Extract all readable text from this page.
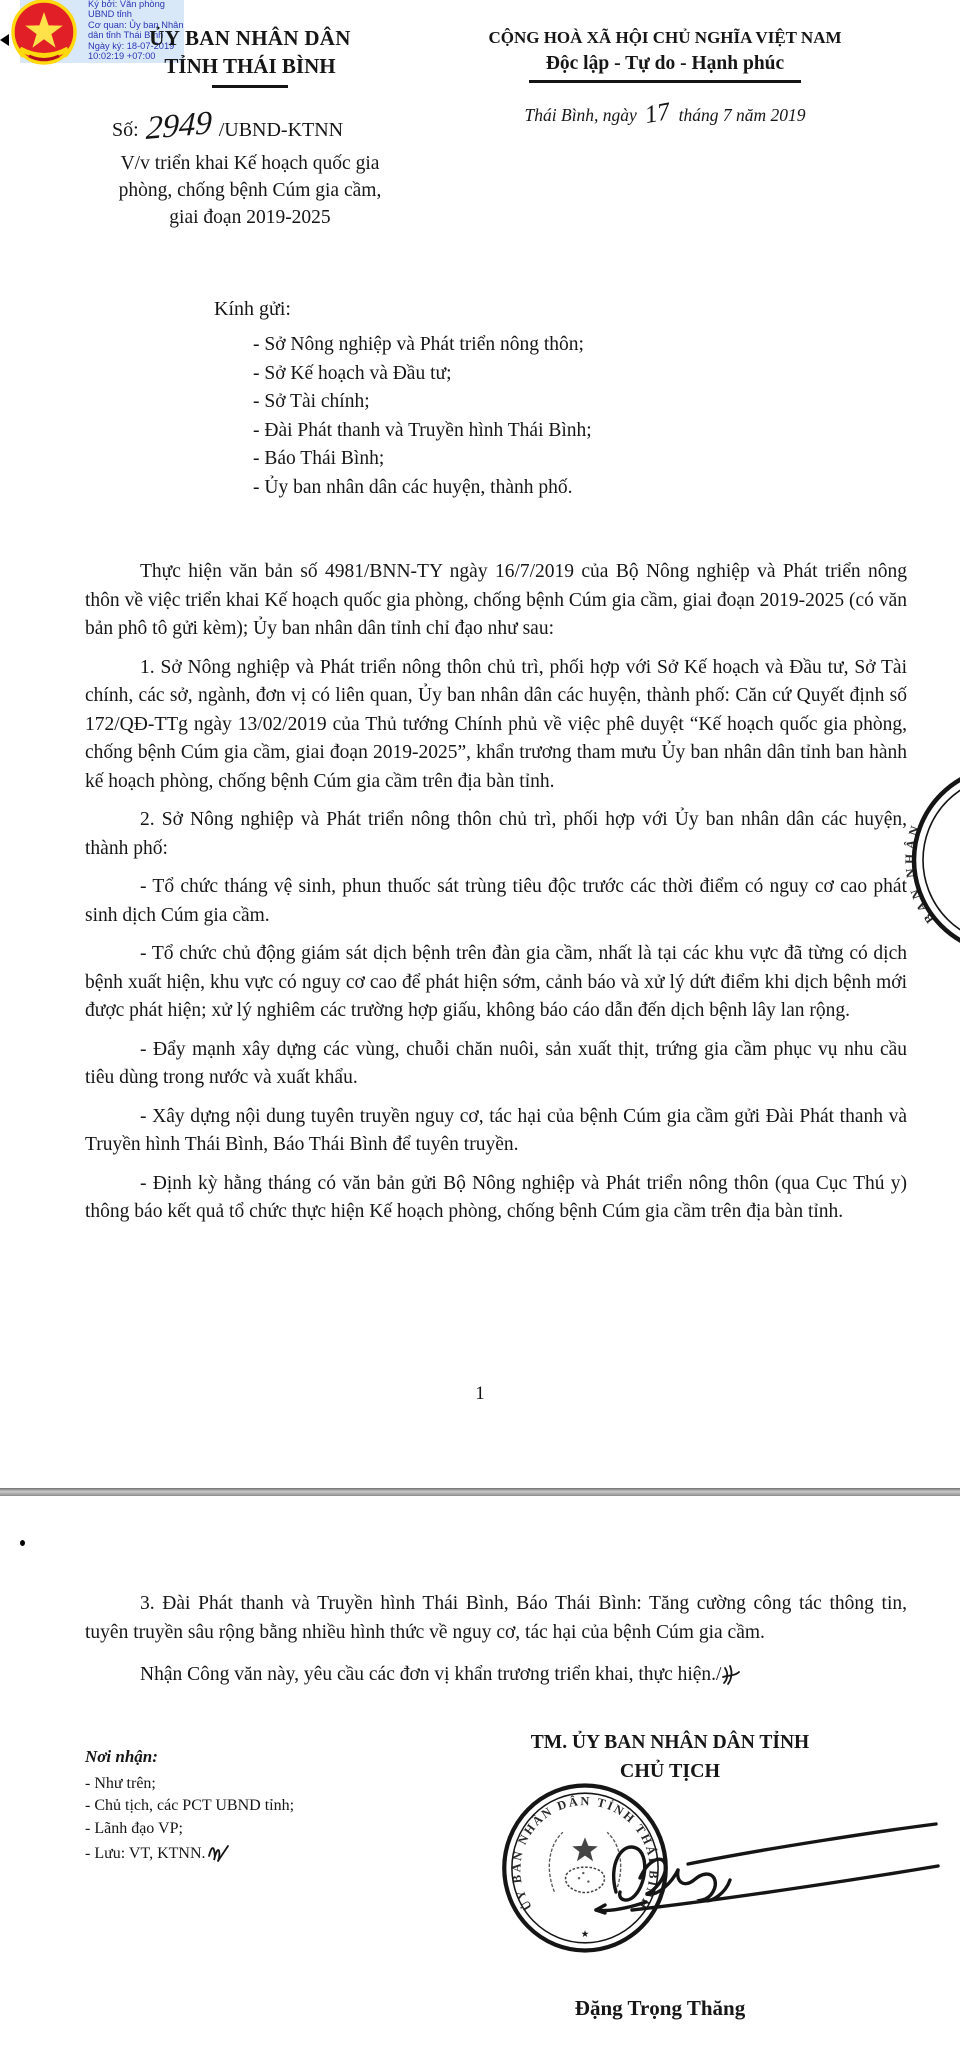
Ký bởi: Văn phòng
UBND tỉnh
Cơ quan: Ủy ban Nhân
dân tỉnh Thái Bình
Ngày ký: 18-07-2019
10:02:19 +07:00
ỦY BAN NHÂN DÂN
TỈNH THÁI BÌNH
Số: 2949 /UBND-KTNN
V/v triển khai Kế hoạch quốc gia
phòng, chống bệnh Cúm gia cầm,
giai đoạn 2019-2025
CỘNG HOÀ XÃ HỘI CHỦ NGHĨA VIỆT NAM
Độc lập - Tự do - Hạnh phúc
Thái Bình, ngày 17 tháng 7 năm 2019
Kính gửi:
- Sở Nông nghiệp và Phát triển nông thôn;
- Sở Kế hoạch và Đầu tư;
- Sở Tài chính;
- Đài Phát thanh và Truyền hình Thái Bình;
- Báo Thái Bình;
- Ủy ban nhân dân các huyện, thành phố.

Thực hiện văn bản số 4981/BNN-TY ngày 16/7/2019 của Bộ Nông nghiệp và Phát triển nông thôn về việc triển khai Kế hoạch quốc gia phòng, chống bệnh Cúm gia cầm, giai đoạn 2019-2025 (có văn bản phô tô gửi kèm); Ủy ban nhân dân tỉnh chỉ đạo như sau:

1. Sở Nông nghiệp và Phát triển nông thôn chủ trì, phối hợp với Sở Kế hoạch và Đầu tư, Sở Tài chính, các sở, ngành, đơn vị có liên quan, Ủy ban nhân dân các huyện, thành phố: Căn cứ Quyết định số 172/QĐ-TTg ngày 13/02/2019 của Thủ tướng Chính phủ về việc phê duyệt “Kế hoạch quốc gia phòng, chống bệnh Cúm gia cầm, giai đoạn 2019-2025”, khẩn trương tham mưu Ủy ban nhân dân tỉnh ban hành kế hoạch phòng, chống bệnh Cúm gia cầm trên địa bàn tỉnh.

2. Sở Nông nghiệp và Phát triển nông thôn chủ trì, phối hợp với Ủy ban nhân dân các huyện, thành phố:

- Tổ chức tháng vệ sinh, phun thuốc sát trùng tiêu độc trước các thời điểm có nguy cơ cao phát sinh dịch Cúm gia cầm.

- Tổ chức chủ động giám sát dịch bệnh trên đàn gia cầm, nhất là tại các khu vực đã từng có dịch bệnh xuất hiện, khu vực có nguy cơ cao để phát hiện sớm, cảnh báo và xử lý dứt điểm khi dịch bệnh mới được phát hiện; xử lý nghiêm các trường hợp giấu, không báo cáo dẫn đến dịch bệnh lây lan rộng.

- Đẩy mạnh xây dựng các vùng, chuỗi chăn nuôi, sản xuất thịt, trứng gia cầm phục vụ nhu cầu tiêu dùng trong nước và xuất khẩu.

- Xây dựng nội dung tuyên truyền nguy cơ, tác hại của bệnh Cúm gia cầm gửi Đài Phát thanh và Truyền hình Thái Bình, Báo Thái Bình để tuyên truyền.

- Định kỳ hằng tháng có văn bản gửi Bộ Nông nghiệp và Phát triển nông thôn (qua Cục Thú y) thông báo kết quả tổ chức thực hiện Kế hoạch phòng, chống bệnh Cúm gia cầm trên địa bàn tỉnh.

1
BAN NHÂN

3. Đài Phát thanh và Truyền hình Thái Bình, Báo Thái Bình: Tăng cường công tác thông tin, tuyên truyền sâu rộng bằng nhiều hình thức về nguy cơ, tác hại của bệnh Cúm gia cầm.

Nhận Công văn này, yêu cầu các đơn vị khẩn trương triển khai, thực hiện./

TM. ỦY BAN NHÂN DÂN TỈNH
CHỦ TỊCH
Nơi nhận:
- Như trên;
- Chủ tịch, các PCT UBND tỉnh;
- Lãnh đạo VP;
- Lưu: VT, KTNN.
ỦY BAN NHÂN DÂN TỈNH THÁI BÌNH
★
Đặng Trọng Thăng
